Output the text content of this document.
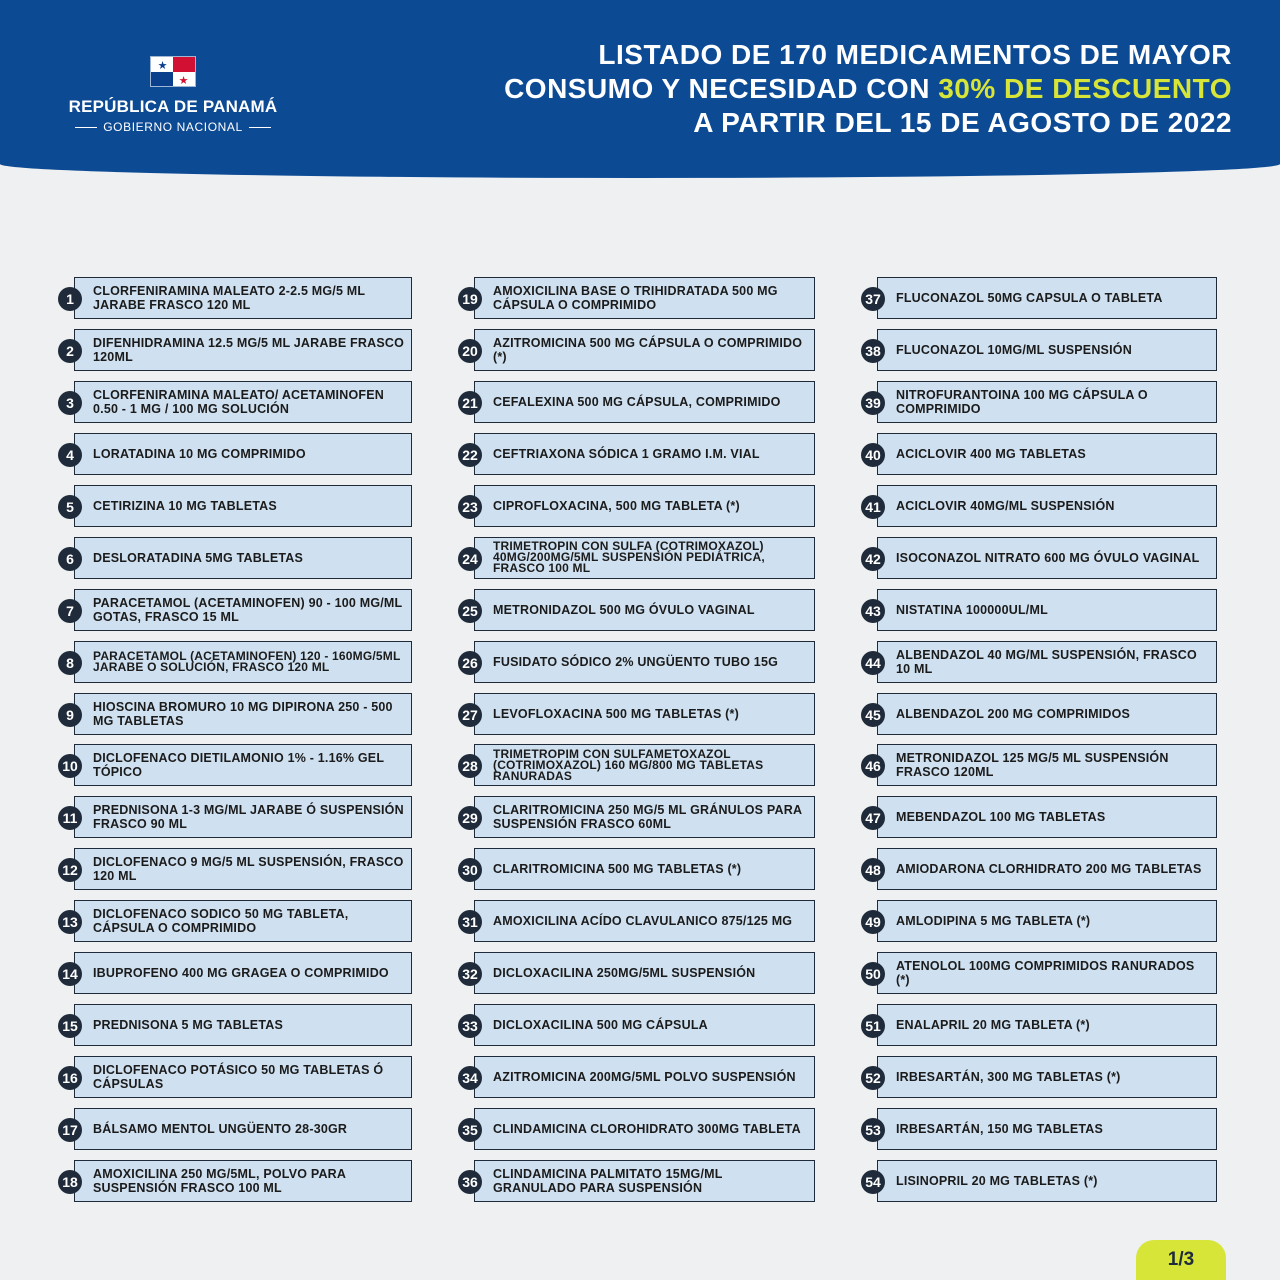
★
★
REPÚBLICA DE PANAMÁ
GOBIERNO NACIONAL
LISTADO DE 170 MEDICAMENTOS DE MAYOR
CONSUMO Y NECESIDAD CON 30% DE DESCUENTO
A PARTIR DEL 15 DE AGOSTO DE 2022
CLORFENIRAMINA MALEATO 2-2.5 MG/5 ML JARABE FRASCO 120 ML
1
DIFENHIDRAMINA 12.5 MG/5 ML JARABE FRASCO 120ML
2
CLORFENIRAMINA MALEATO/ ACETAMINOFEN 0.50 - 1 MG / 100 MG SOLUCIÓN
3
LORATADINA 10 MG COMPRIMIDO
4
CETIRIZINA 10 MG TABLETAS
5
DESLORATADINA 5MG TABLETAS
6
PARACETAMOL (ACETAMINOFEN) 90 - 100 MG/ML GOTAS, FRASCO 15 ML
7
PARACETAMOL (ACETAMINOFEN) 120 - 160MG/5ML JARABE O SOLUCIÓN, FRASCO 120 ML
8
HIOSCINA BROMURO 10 MG DIPIRONA 250 - 500 MG TABLETAS
9
DICLOFENACO DIETILAMONIO 1% - 1.16% GEL TÓPICO
10
PREDNISONA 1-3 MG/ML JARABE Ó SUSPENSIÓN FRASCO 90 ML
11
DICLOFENACO 9 MG/5 ML SUSPENSIÓN, FRASCO 120 ML
12
DICLOFENACO SODICO 50 MG TABLETA, CÁPSULA O COMPRIMIDO
13
IBUPROFENO 400 MG GRAGEA O COMPRIMIDO
14
PREDNISONA 5 MG TABLETAS
15
DICLOFENACO POTÁSICO 50 MG TABLETAS Ó CÁPSULAS
16
BÁLSAMO MENTOL UNGÜENTO 28-30GR
17
AMOXICILINA 250 MG/5ML, POLVO PARA SUSPENSIÓN FRASCO 100 ML
18
AMOXICILINA BASE O TRIHIDRATADA 500 MG CÁPSULA O COMPRIMIDO
19
AZITROMICINA 500 MG CÁPSULA O COMPRIMIDO (*)
20
CEFALEXINA 500 MG CÁPSULA, COMPRIMIDO
21
CEFTRIAXONA SÓDICA 1 GRAMO I.M. VIAL
22
CIPROFLOXACINA, 500 MG TABLETA (*)
23
TRIMETROPIN CON SULFA (COTRIMOXAZOL) 40MG/200MG/5ML SUSPENSIÓN PEDIÁTRICA, FRASCO 100 ML
24
METRONIDAZOL 500 MG ÓVULO VAGINAL
25
FUSIDATO SÓDICO 2% UNGÜENTO TUBO 15G
26
LEVOFLOXACINA 500 MG TABLETAS (*)
27
TRIMETROPIM CON SULFAMETOXAZOL (COTRIMOXAZOL) 160 MG/800 MG TABLETAS RANURADAS
28
CLARITROMICINA 250 MG/5 ML GRÁNULOS PARA SUSPENSIÓN FRASCO 60ML
29
CLARITROMICINA 500 MG TABLETAS (*)
30
AMOXICILINA ACÍDO CLAVULANICO 875/125 MG
31
DICLOXACILINA 250MG/5ML SUSPENSIÓN
32
DICLOXACILINA 500 MG CÁPSULA
33
AZITROMICINA 200MG/5ML POLVO SUSPENSIÓN
34
CLINDAMICINA CLOROHIDRATO 300MG TABLETA
35
CLINDAMICINA PALMITATO 15MG/ML GRANULADO PARA SUSPENSIÓN
36
FLUCONAZOL 50MG CAPSULA O TABLETA
37
FLUCONAZOL 10MG/ML SUSPENSIÓN
38
NITROFURANTOINA 100 MG CÁPSULA O COMPRIMIDO
39
ACICLOVIR 400 MG TABLETAS
40
ACICLOVIR 40MG/ML SUSPENSIÓN
41
ISOCONAZOL NITRATO 600 MG ÓVULO VAGINAL
42
NISTATINA 100000UL/ML
43
ALBENDAZOL 40 MG/ML SUSPENSIÓN, FRASCO 10 ML
44
ALBENDAZOL 200 MG COMPRIMIDOS
45
METRONIDAZOL 125 MG/5 ML SUSPENSIÓN FRASCO 120ML
46
MEBENDAZOL 100 MG TABLETAS
47
AMIODARONA CLORHIDRATO 200 MG TABLETAS
48
AMLODIPINA 5 MG TABLETA (*)
49
ATENOLOL 100MG COMPRIMIDOS RANURADOS (*)
50
ENALAPRIL 20 MG TABLETA (*)
51
IRBESARTÁN, 300 MG TABLETAS (*)
52
IRBESARTÁN, 150 MG TABLETAS
53
LISINOPRIL 20 MG TABLETAS (*)
54
1/3
